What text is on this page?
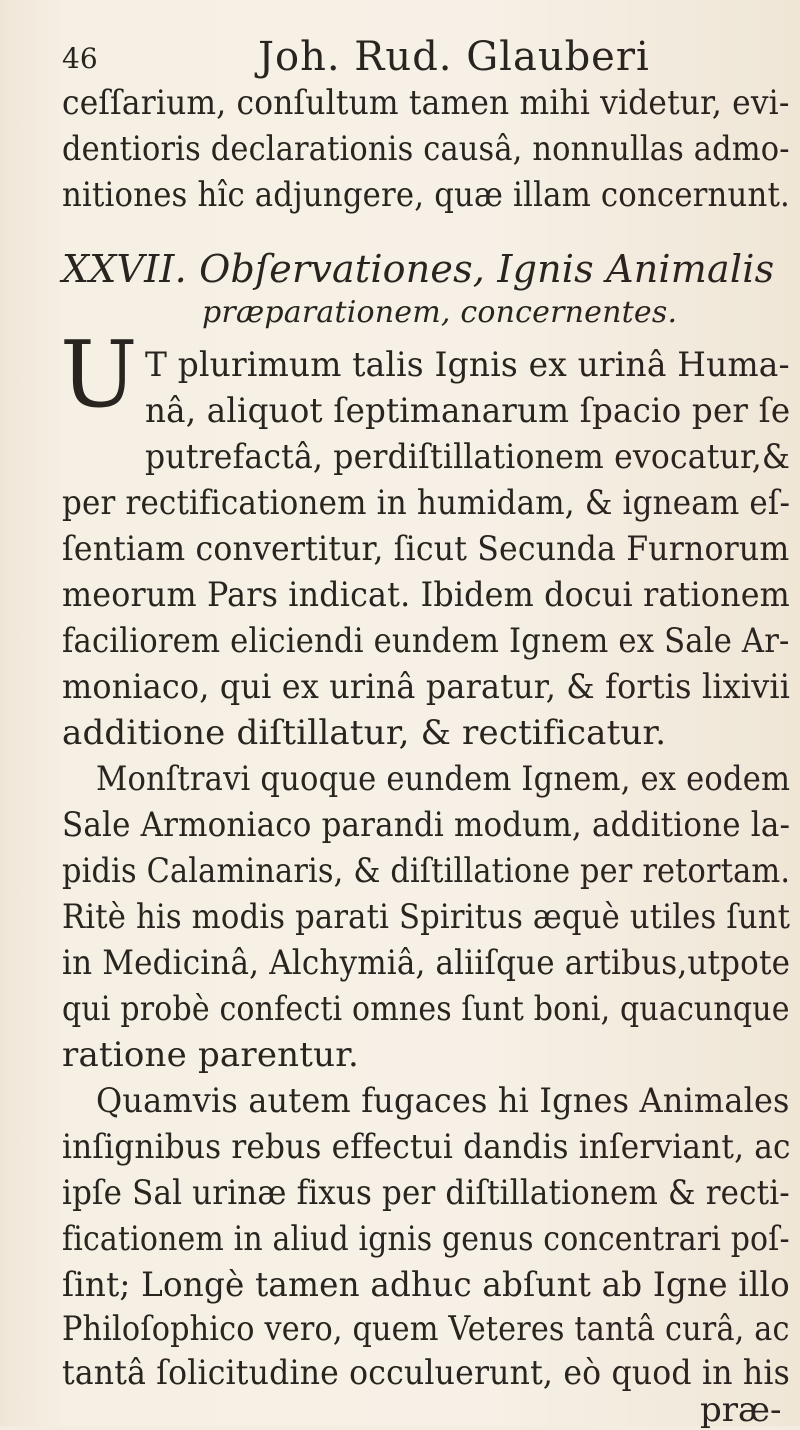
46	Joh. Rud. Glauberi
ceſſarium, conſultum tamen mihi videtur, evi-
dentioris declarationis causâ, nonnullas admo-
nitiones hîc adjungere, quæ illam concernunt.
XXVII. Obſervationes, Ignis Animalis
præparationem, concernentes.
U T plurimum talis Ignis ex urinâ Huma-
nâ, aliquot ſeptimanarum ſpacio per ſe
putrefactâ, perdiſtillationem evocatur,&
per rectificationem in humidam, & igneam eſ-
ſentiam convertitur, ſicut Secunda Furnorum
meorum Pars indicat. Ibidem docui rationem
faciliorem eliciendi eundem Ignem ex Sale Ar-
moniaco, qui ex urinâ paratur, & fortis lixivii
additione diſtillatur, & rectificatur.
Monſtravi quoque eundem Ignem, ex eodem
Sale Armoniaco parandi modum, additione la-
pidis Calaminaris, & diſtillatione per retortam.
Ritè his modis parati Spiritus æquè utiles ſunt
in Medicinâ, Alchymiâ, aliiſque artibus,utpote
qui probè confecti omnes ſunt boni, quacunque
ratione parentur.
Quamvis autem fugaces hi Ignes Animales
inſignibus rebus effectui dandis inſerviant, ac
ipſe Sal urinæ fixus per diſtillationem & recti-
ficationem in aliud ignis genus concentrari poſ-
ſint; Longè tamen adhuc abſunt ab Igne illo
Philoſophico vero, quem Veteres tantâ curâ, ac
tantâ ſolicitudine occuluerunt, eò quod in his
præ-
